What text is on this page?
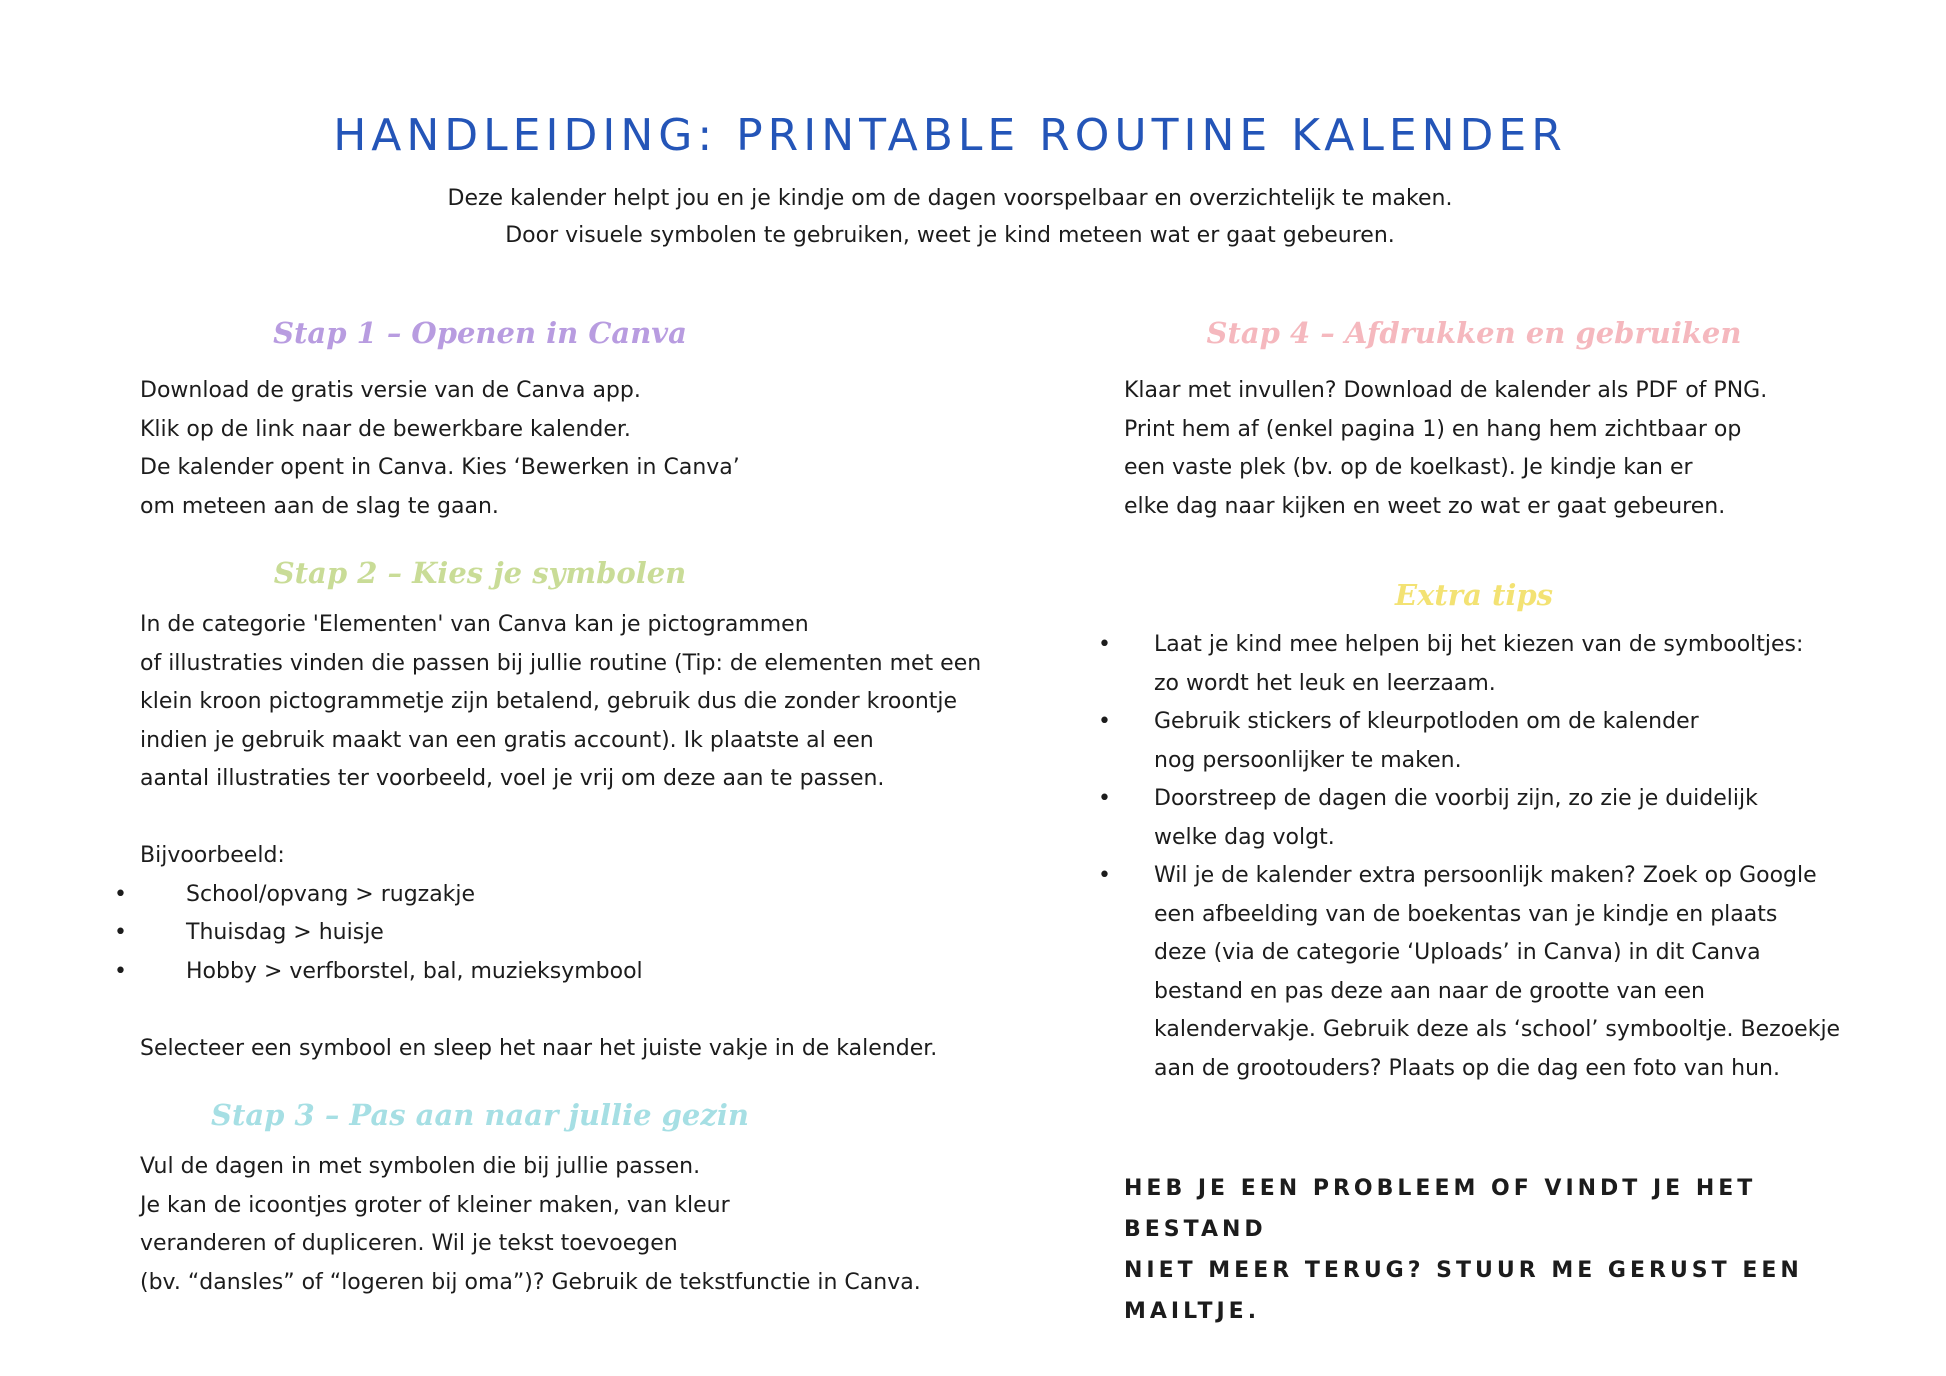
HANDLEIDING: PRINTABLE ROUTINE KALENDER

Deze kalender helpt jou en je kindje om de dagen voorspelbaar en overzichtelijk te maken.

Door visuele symbolen te gebruiken, weet je kind meteen wat er gaat gebeuren.

Stap 1 – Openen in Canva

Download de gratis versie van de Canva app.

Klik op de link naar de bewerkbare kalender.

De kalender opent in Canva. Kies ‘Bewerken in Canva’

om meteen aan de slag te gaan.

Stap 2 – Kies je symbolen

In de categorie 'Elementen' van Canva kan je pictogrammen

of illustraties vinden die passen bij jullie routine (Tip: de elementen met een

klein kroon pictogrammetje zijn betalend, gebruik dus die zonder kroontje

indien je gebruik maakt van een gratis account). Ik plaatste al een

aantal illustraties ter voorbeeld, voel je vrij om deze aan te passen.

Bijvoorbeeld:

• School/opvang > rugzakje
• Thuisdag > huisje
• Hobby > verfborstel, bal, muzieksymbool

Selecteer een symbool en sleep het naar het juiste vakje in de kalender.

Stap 3 – Pas aan naar jullie gezin

Vul de dagen in met symbolen die bij jullie passen.

Je kan de icoontjes groter of kleiner maken, van kleur

veranderen of dupliceren. Wil je tekst toevoegen

(bv. “dansles” of “logeren bij oma”)? Gebruik de tekstfunctie in Canva.

Stap 4 – Afdrukken en gebruiken

Klaar met invullen? Download de kalender als PDF of PNG.

Print hem af (enkel pagina 1) en hang hem zichtbaar op

een vaste plek (bv. op de koelkast). Je kindje kan er

elke dag naar kijken en weet zo wat er gaat gebeuren.

Extra tips
• Laat je kind mee helpen bij het kiezen van de symbooltjes:
zo wordt het leuk en leerzaam.
• Gebruik stickers of kleurpotloden om de kalender
nog persoonlijker te maken.
• Doorstreep de dagen die voorbij zijn, zo zie je duidelijk
welke dag volgt.
• Wil je de kalender extra persoonlijk maken? Zoek op Google
een afbeelding van de boekentas van je kindje en plaats
deze (via de categorie ‘Uploads’ in Canva) in dit Canva
bestand en pas deze aan naar de grootte van een
kalendervakje. Gebruik deze als ‘school’ symbooltje. Bezoekje
aan de grootouders? Plaats op die dag een foto van hun.
HEB JE EEN PROBLEEM OF VINDT JE HET BESTAND
NIET MEER TERUG? STUUR ME GERUST EEN MAILTJE.
